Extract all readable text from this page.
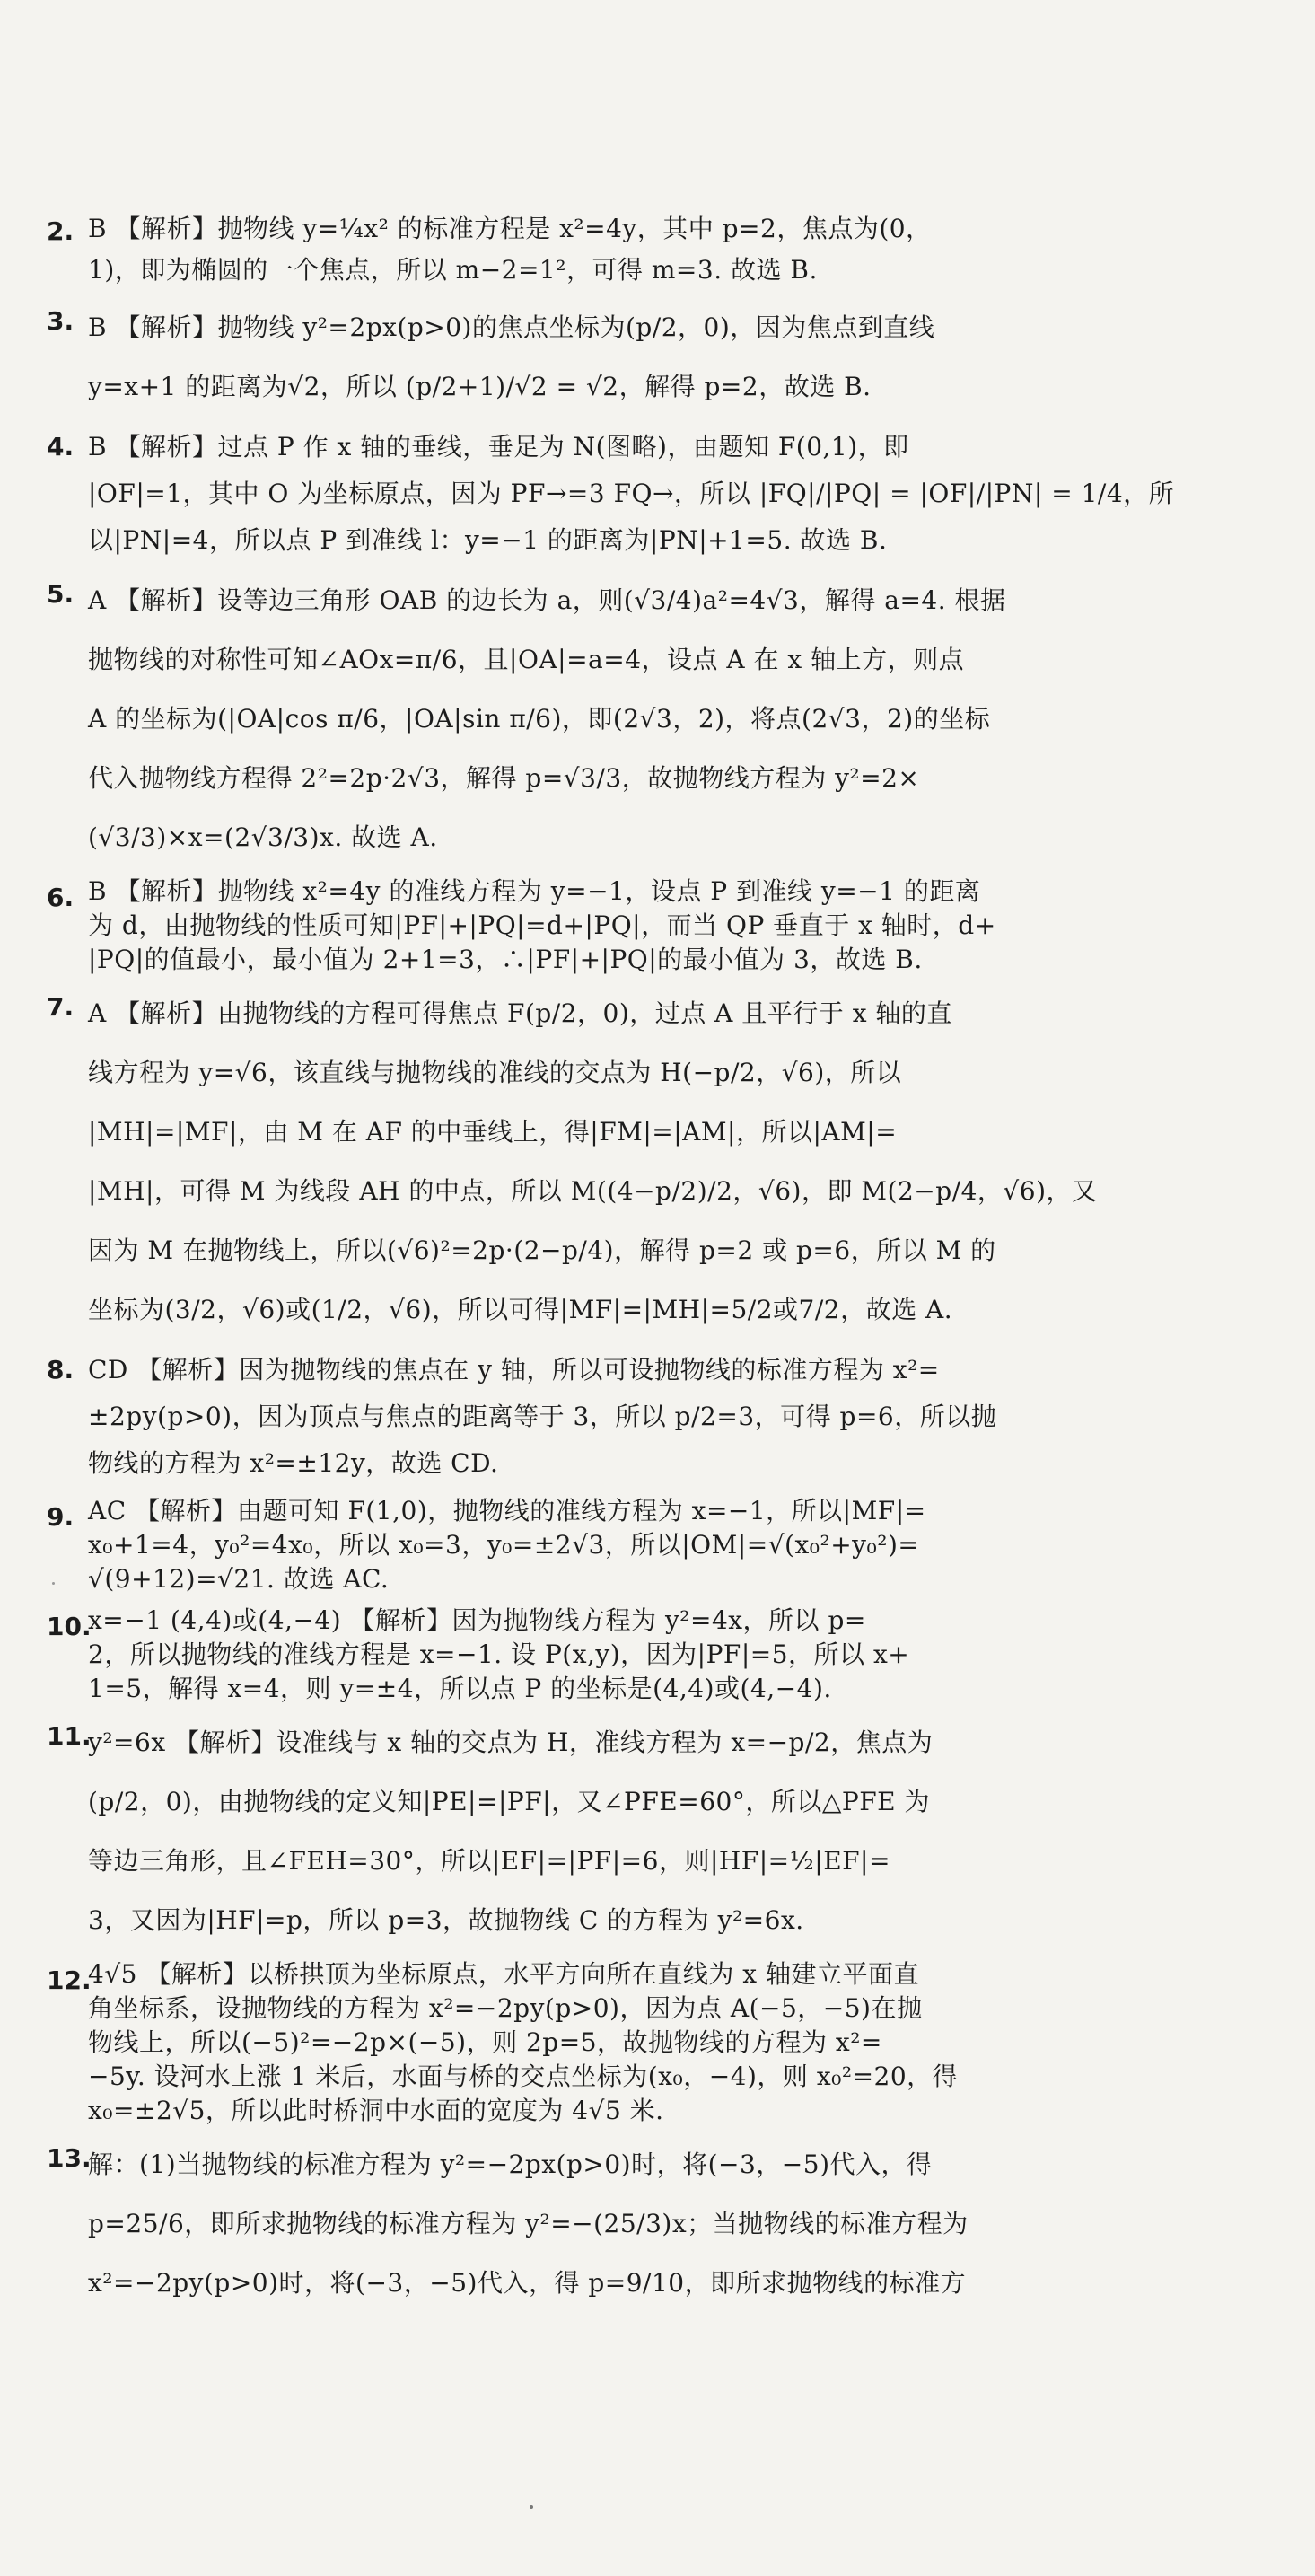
2. B 【解析】抛物线 y=¼x² 的标准方程是 x²=4y，其中 p=2，焦点为(0，
1)，即为椭圆的一个焦点，所以 m−2=1²，可得 m=3. 故选 B.
3. B 【解析】抛物线 y²=2px(p>0)的焦点坐标为(p/2，0)，因为焦点到直线
y=x+1 的距离为√2，所以 (p/2+1)/√2 = √2，解得 p=2，故选 B.
4. B 【解析】过点 P 作 x 轴的垂线，垂足为 N(图略)，由题知 F(0,1)，即
|OF|=1，其中 O 为坐标原点，因为 PF→=3 FQ→，所以 |FQ|/|PQ| = |OF|/|PN| = 1/4，所
以|PN|=4，所以点 P 到准线 l：y=−1 的距离为|PN|+1=5. 故选 B.
5. A 【解析】设等边三角形 OAB 的边长为 a，则(√3/4)a²=4√3，解得 a=4. 根据
抛物线的对称性可知∠AOx=π/6，且|OA|=a=4，设点 A 在 x 轴上方，则点
A 的坐标为(|OA|cos π/6，|OA|sin π/6)，即(2√3，2)，将点(2√3，2)的坐标
代入抛物线方程得 2²=2p·2√3，解得 p=√3/3，故抛物线方程为 y²=2×
(√3/3)×x=(2√3/3)x. 故选 A.
6. B 【解析】抛物线 x²=4y 的准线方程为 y=−1，设点 P 到准线 y=−1 的距离
为 d，由抛物线的性质可知|PF|+|PQ|=d+|PQ|，而当 QP 垂直于 x 轴时，d+
|PQ|的值最小，最小值为 2+1=3，∴|PF|+|PQ|的最小值为 3，故选 B.
7. A 【解析】由抛物线的方程可得焦点 F(p/2，0)，过点 A 且平行于 x 轴的直
线方程为 y=√6，该直线与抛物线的准线的交点为 H(−p/2，√6)，所以
|MH|=|MF|，由 M 在 AF 的中垂线上，得|FM|=|AM|，所以|AM|=
|MH|，可得 M 为线段 AH 的中点，所以 M((4−p/2)/2，√6)，即 M(2−p/4，√6)，又
因为 M 在抛物线上，所以(√6)²=2p·(2−p/4)，解得 p=2 或 p=6，所以 M 的
坐标为(3/2，√6)或(1/2，√6)，所以可得|MF|=|MH|=5/2或7/2，故选 A.
8. CD 【解析】因为抛物线的焦点在 y 轴，所以可设抛物线的标准方程为 x²=
±2py(p>0)，因为顶点与焦点的距离等于 3，所以 p/2=3，可得 p=6，所以抛
物线的方程为 x²=±12y，故选 CD.
9. AC 【解析】由题可知 F(1,0)，抛物线的准线方程为 x=−1，所以|MF|=
x₀+1=4，y₀²=4x₀，所以 x₀=3，y₀=±2√3，所以|OM|=√(x₀²+y₀²)=
√(9+12)=√21. 故选 AC.
10.
x=−1 (4,4)或(4,−4) 【解析】因为抛物线方程为 y²=4x，所以 p=
2，所以抛物线的准线方程是 x=−1. 设 P(x,y)，因为|PF|=5，所以 x+
1=5，解得 x=4，则 y=±4，所以点 P 的坐标是(4,4)或(4,−4).
11.
y²=6x 【解析】设准线与 x 轴的交点为 H，准线方程为 x=−p/2，焦点为
(p/2，0)，由抛物线的定义知|PE|=|PF|，又∠PFE=60°，所以△PFE 为
等边三角形，且∠FEH=30°，所以|EF|=|PF|=6，则|HF|=½|EF|=
3，又因为|HF|=p，所以 p=3，故抛物线 C 的方程为 y²=6x.
12.
4√5 【解析】以桥拱顶为坐标原点，水平方向所在直线为 x 轴建立平面直
角坐标系，设抛物线的方程为 x²=−2py(p>0)，因为点 A(−5，−5)在抛
物线上，所以(−5)²=−2p×(−5)，则 2p=5，故抛物线的方程为 x²=
−5y. 设河水上涨 1 米后，水面与桥的交点坐标为(x₀，−4)，则 x₀²=20，得
x₀=±2√5，所以此时桥洞中水面的宽度为 4√5 米.
13.
解：(1)当抛物线的标准方程为 y²=−2px(p>0)时，将(−3，−5)代入，得
p=25/6，即所求抛物线的标准方程为 y²=−(25/3)x；当抛物线的标准方程为
x²=−2py(p>0)时，将(−3，−5)代入，得 p=9/10，即所求抛物线的标准方
